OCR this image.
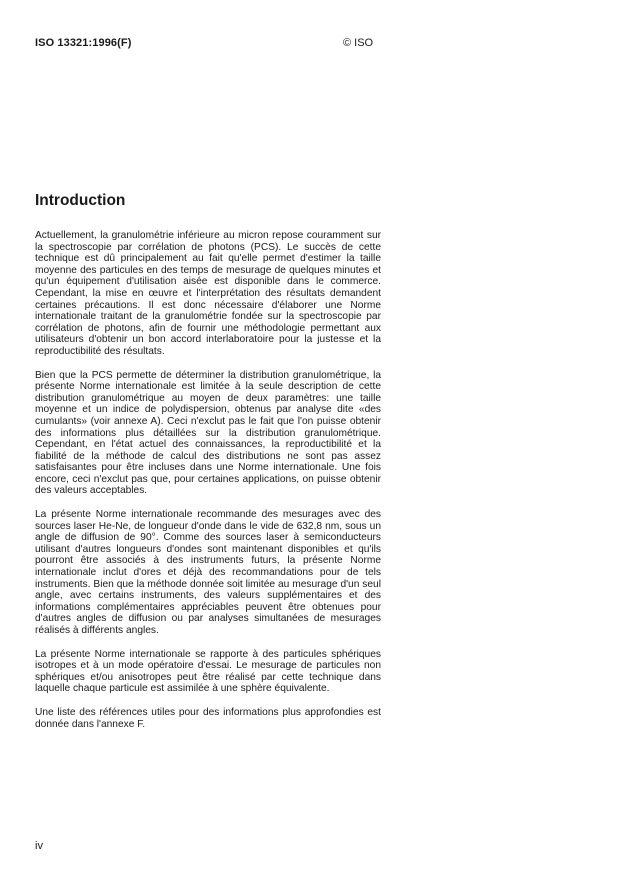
ISO 13321:1996(F)	© ISO
Introduction

Actuellement, la granulométrie inférieure au micron repose couramment sur la spectroscopie par corrélation de photons (PCS). Le succès de cette technique est dû principalement au fait qu'elle permet d'estimer la taille moyenne des particules en des temps de mesurage de quelques minutes et qu'un équipement d'utilisation aisée est disponible dans le commerce. Cependant, la mise en œuvre et l'interprétation des résultats demandent certaines précautions. Il est donc nécessaire d'élaborer une Norme internationale traitant de la granulométrie fondée sur la spectroscopie par corrélation de photons, afin de fournir une méthodologie permettant aux utilisateurs d'obtenir un bon accord interlaboratoire pour la justesse et la reproductibilité des résultats.

Bien que la PCS permette de déterminer la distribution granulométrique, la présente Norme internationale est limitée à la seule description de cette distribution granulométrique au moyen de deux paramètres: une taille moyenne et un indice de polydispersion, obtenus par analyse dite «des cumulants» (voir annexe A). Ceci n'exclut pas le fait que l'on puisse obtenir des informations plus détaillées sur la distribution granulométrique. Cependant, en l'état actuel des connaissances, la reproductibilité et la fiabilité de la méthode de calcul des distributions ne sont pas assez satisfaisantes pour être incluses dans une Norme internationale. Une fois encore, ceci n'exclut pas que, pour certaines applications, on puisse obtenir des valeurs acceptables.

La présente Norme internationale recommande des mesurages avec des sources laser He-Ne, de longueur d'onde dans le vide de 632,8 nm, sous un angle de diffusion de 90°. Comme des sources laser à semiconducteurs utilisant d'autres longueurs d'ondes sont maintenant disponibles et qu'ils pourront être associés à des instruments futurs, la présente Norme internationale inclut d'ores et déjà des recommandations pour de tels instruments. Bien que la méthode donnée soit limitée au mesurage d'un seul angle, avec certains instruments, des valeurs supplémentaires et des informations complémentaires appréciables peuvent être obtenues pour d'autres angles de diffusion ou par analyses simultanées de mesurages réalisés à différents angles.

La présente Norme internationale se rapporte à des particules sphériques isotropes et à un mode opératoire d'essai. Le mesurage de particules non sphériques et/ou anisotropes peut être réalisé par cette technique dans laquelle chaque particule est assimilée à une sphère équivalente.

Une liste des références utiles pour des informations plus approfondies est donnée dans l'annexe F.

iv
